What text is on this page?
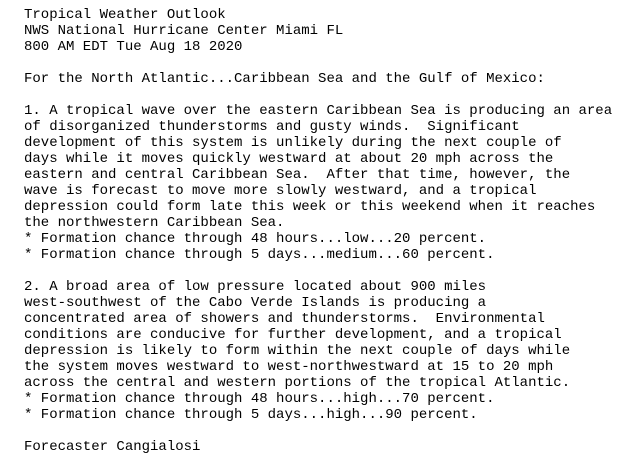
Tropical Weather Outlook
NWS National Hurricane Center Miami FL
800 AM EDT Tue Aug 18 2020
For the North Atlantic...Caribbean Sea and the Gulf of Mexico:
1. A tropical wave over the eastern Caribbean Sea is producing an area
of disorganized thunderstorms and gusty winds.  Significant
development of this system is unlikely during the next couple of
days while it moves quickly westward at about 20 mph across the
eastern and central Caribbean Sea.  After that time, however, the
wave is forecast to move more slowly westward, and a tropical
depression could form late this week or this weekend when it reaches
the northwestern Caribbean Sea.
* Formation chance through 48 hours...low...20 percent.
* Formation chance through 5 days...medium...60 percent.
2. A broad area of low pressure located about 900 miles
west-southwest of the Cabo Verde Islands is producing a
concentrated area of showers and thunderstorms.  Environmental
conditions are conducive for further development, and a tropical
depression is likely to form within the next couple of days while
the system moves westward to west-northwestward at 15 to 20 mph
across the central and western portions of the tropical Atlantic.
* Formation chance through 48 hours...high...70 percent.
* Formation chance through 5 days...high...90 percent.
Forecaster Cangialosi
